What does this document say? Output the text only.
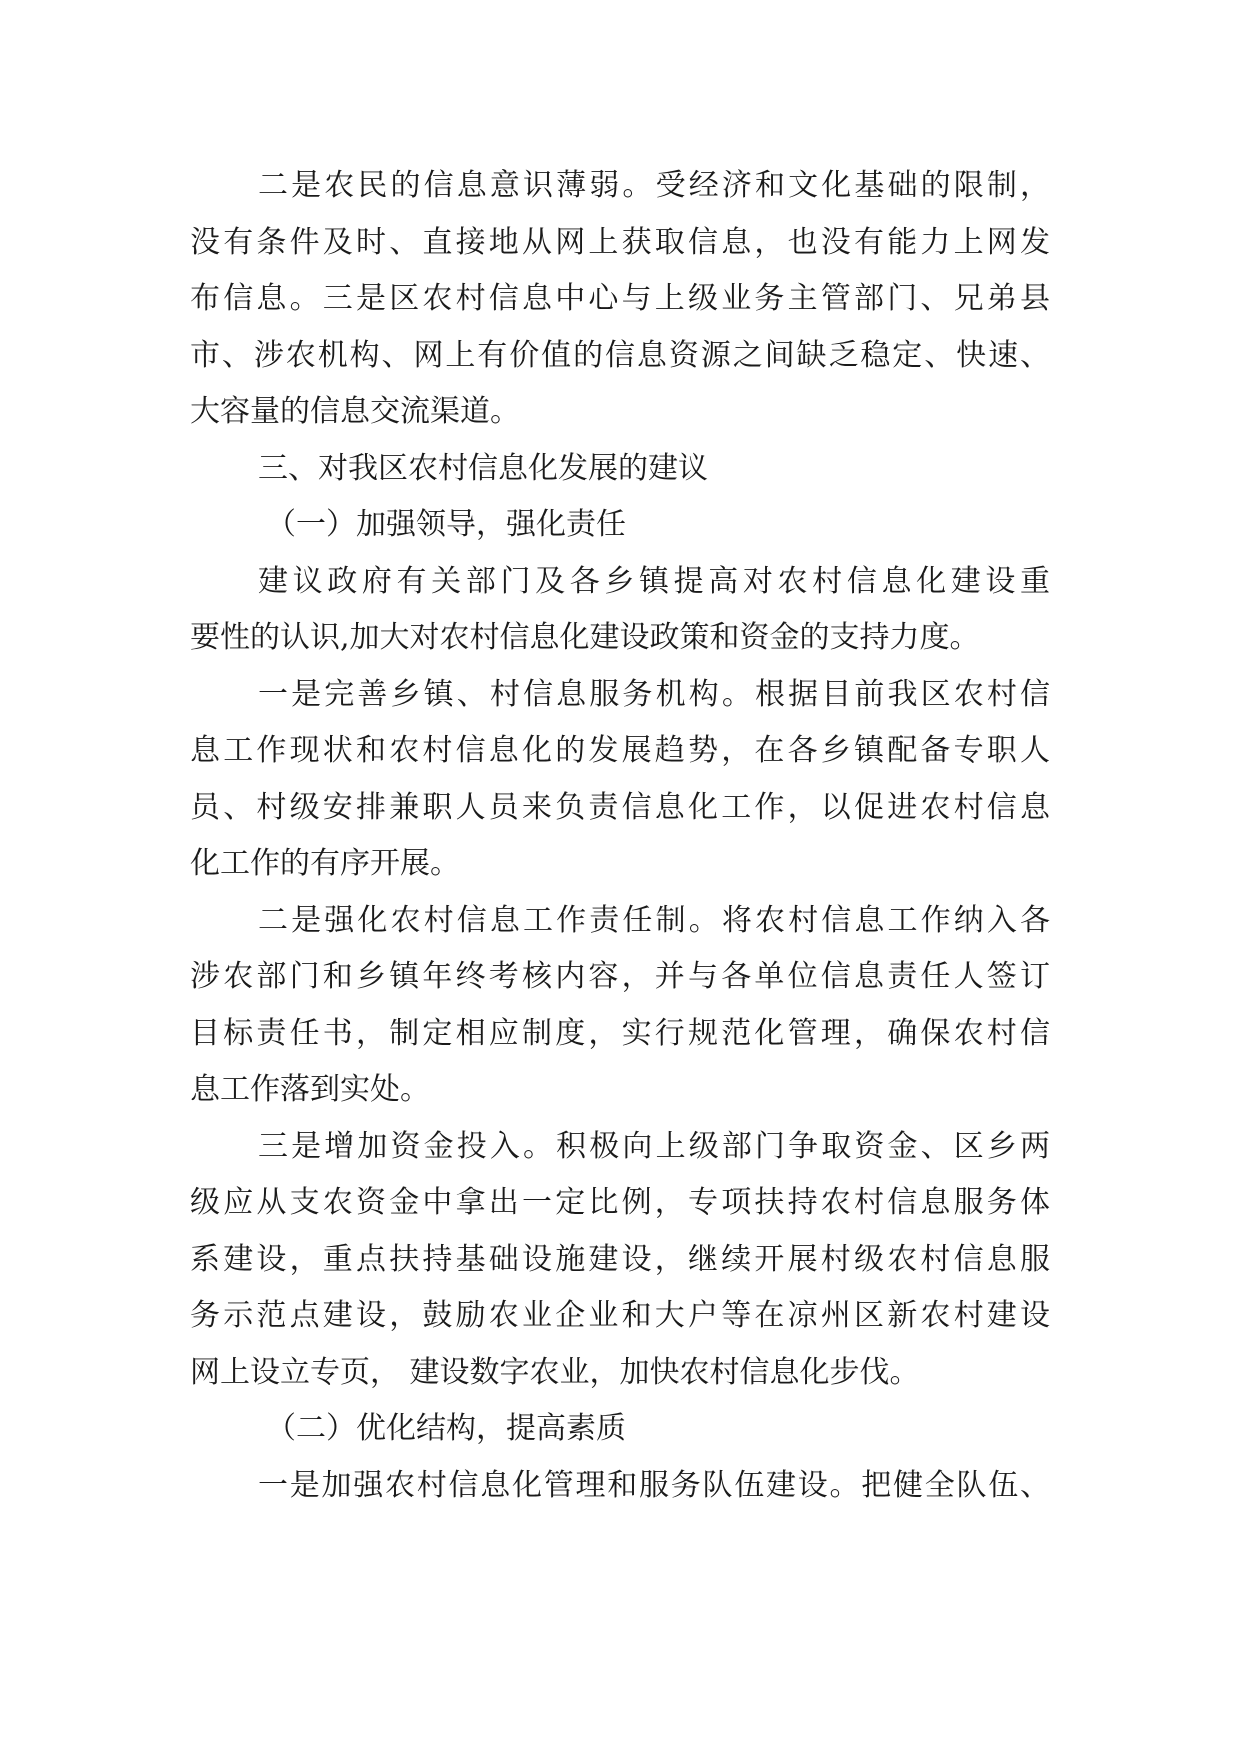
二是农民的信息意识薄弱。受经济和文化基础的限制，
没有条件及时、直接地从网上获取信息，也没有能力上网发
布信息。三是区农村信息中心与上级业务主管部门、兄弟县
市、涉农机构、网上有价值的信息资源之间缺乏稳定、快速、
大容量的信息交流渠道。
三、对我区农村信息化发展的建议
（一）加强领导，强化责任
建议政府有关部门及各乡镇提高对农村信息化建设重
要性的认识,加大对农村信息化建设政策和资金的支持力度。
一是完善乡镇、村信息服务机构。根据目前我区农村信
息工作现状和农村信息化的发展趋势，在各乡镇配备专职人
员、村级安排兼职人员来负责信息化工作，以促进农村信息
化工作的有序开展。
二是强化农村信息工作责任制。将农村信息工作纳入各
涉农部门和乡镇年终考核内容，并与各单位信息责任人签订
目标责任书，制定相应制度，实行规范化管理，确保农村信
息工作落到实处。
三是增加资金投入。积极向上级部门争取资金、区乡两
级应从支农资金中拿出一定比例，专项扶持农村信息服务体
系建设，重点扶持基础设施建设，继续开展村级农村信息服
务示范点建设，鼓励农业企业和大户等在凉州区新农村建设
网上设立专页， 建设数字农业，加快农村信息化步伐。
（二）优化结构，提高素质
一是加强农村信息化管理和服务队伍建设。把健全队伍、
